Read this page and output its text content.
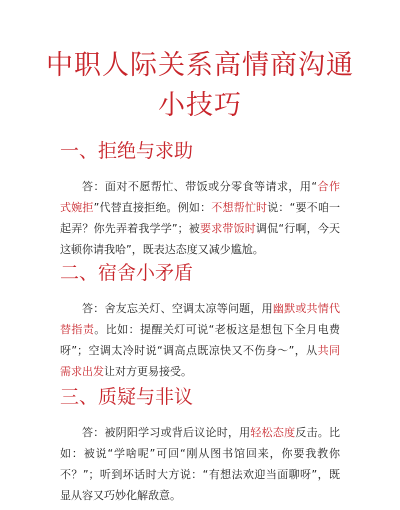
中职人际关系高情商沟通
小技巧
一、拒绝与求助

答：面对不愿帮忙、带饭或分零食等请求，用“合作式婉拒”代替直接拒绝。例如：不想帮忙时说：“要不咱一起弄？你先弄着我学学”；被要求带饭时调侃“行啊，今天这顿你请我哈”，既表达态度又减少尴尬。

二、宿舍小矛盾

答：舍友忘关灯、空调太凉等问题，用幽默或共情代替指责。比如：提醒关灯可说“老板这是想包下全月电费呀”；空调太冷时说“调高点既凉快又不伤身～”，从共同需求出发让对方更易接受。

三、质疑与非议

答：被阴阳学习或背后议论时，用轻松态度反击。比如：被说“学啥呢”可回“刚从图书馆回来，你要我教你不？”；听到坏话时大方说：“有想法欢迎当面聊呀”，既显从容又巧妙化解敌意。
